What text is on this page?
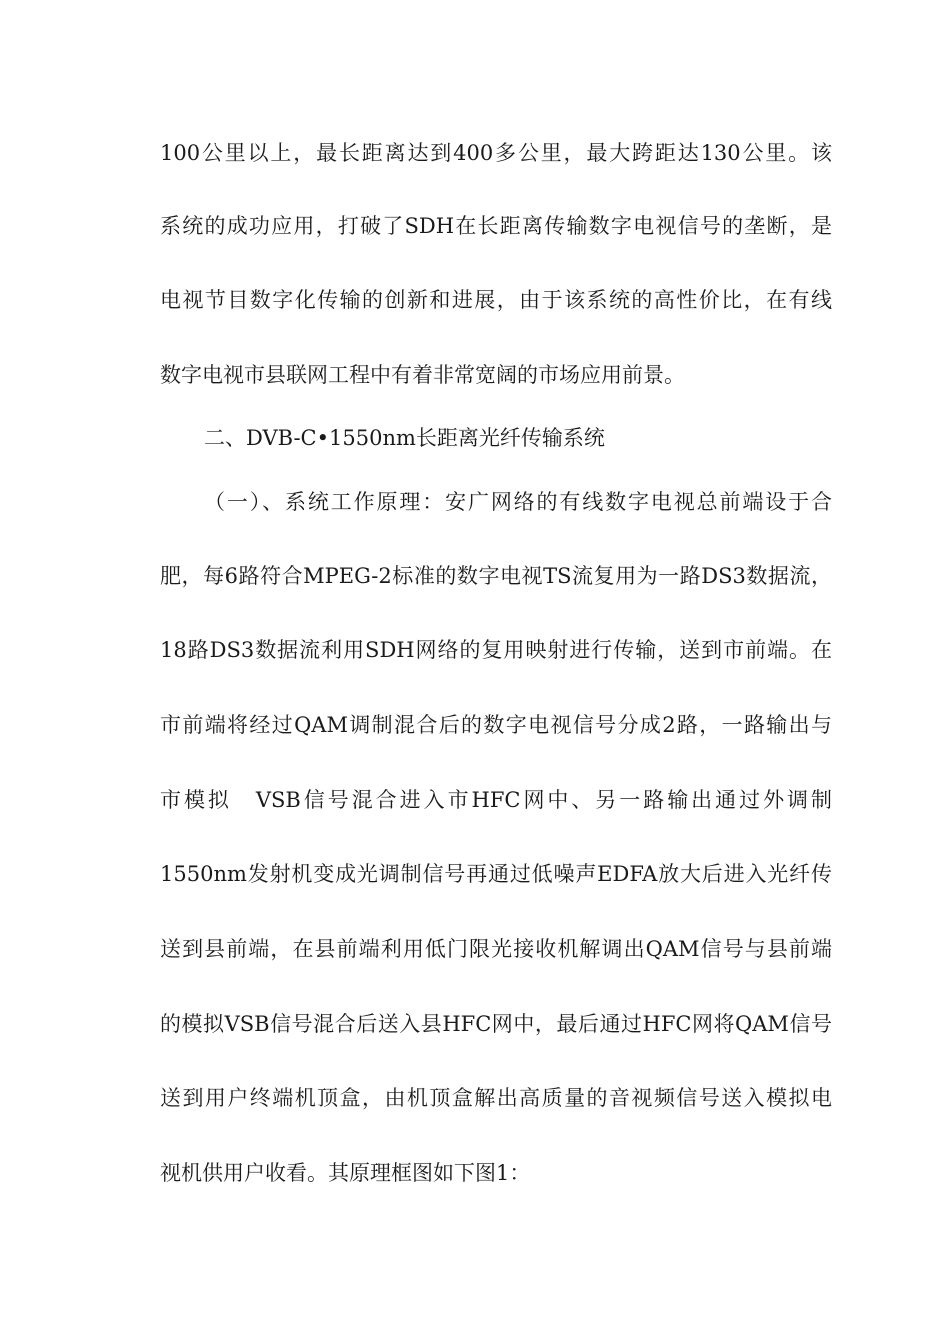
100公里以上，最长距离达到400多公里，最大跨距达130公里。该
系统的成功应用，打破了SDH在长距离传输数字电视信号的垄断，是
电视节目数字化传输的创新和进展，由于该系统的高性价比，在有线
数字电视市县联网工程中有着非常宽阔的市场应用前景。
二、DVB-C•1550nm长距离光纤传输系统
（一）、系统工作原理：安广网络的有线数字电视总前端设于合
肥，每6路符合MPEG-2标准的数字电视TS流复用为一路DS3数据流，
18路DS3数据流利用SDH网络的复用映射进行传输，送到市前端。在
市前端将经过QAM调制混合后的数字电视信号分成2路，一路输出与
市模拟　VSB信号混合进入市HFC网中、另一路输出通过外调制
1550nm发射机变成光调制信号再通过低噪声EDFA放大后进入光纤传
送到县前端，在县前端利用低门限光接收机解调出QAM信号与县前端
的模拟VSB信号混合后送入县HFC网中，最后通过HFC网将QAM信号
送到用户终端机顶盒，由机顶盒解出高质量的音视频信号送入模拟电
视机供用户收看。其原理框图如下图1：
